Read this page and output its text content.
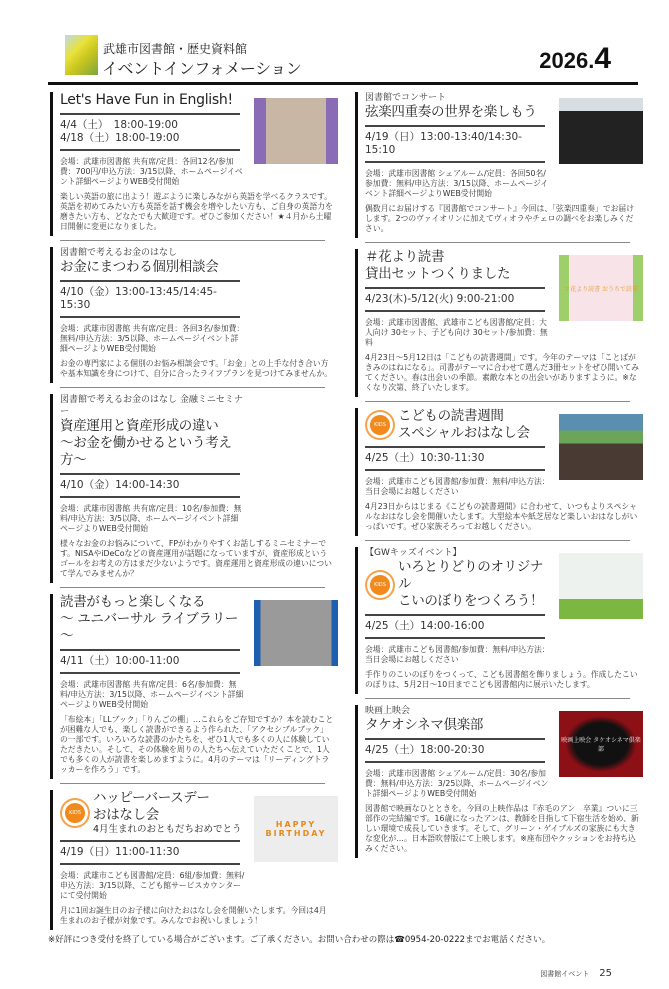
武雄市図書館・歴史資料館
イベントインフォメーション	2026.4
Let's Have Fun in English!
4/4（土）　18:00-19:00
4/18（土）18:00-19:00
会場：武雄市図書館 共有席/定員：各回12名/参加費：700円/申込方法：3/15以降、ホームページイベント詳細ページよりWEB受付開始
楽しい英語の旅に出よう！遊ぶように楽しみながら英語を学べるクラスです。英語を初めてみたい方も英語を話す機会を増やしたい方も、ご自身の英語力を磨きたい方も、どなたでも大歓迎です。ぜひご参加ください！★４月から土曜日開催に変更になりました。
図書館で考えるお金のはなし
お金にまつわる個別相談会
4/10（金）13:00-13:45/14:45-15:30
会場：武雄市図書館 共有席/定員：各回3名/参加費：無料/申込方法：3/5以降、ホームページイベント詳細ページよりWEB受付開始
お金の専門家による個別のお悩み相談会です。「お金」との上手な付き合い方や基本知識を身につけて、自分に合ったライフプランを見つけてみませんか。
図書館で考えるお金のはなし 金融ミニセミナー
資産運用と資産形成の違い
〜お金を働かせるという考え方〜
4/10（金）14:00-14:30
会場：武雄市図書館 共有席/定員：10名/参加費：無料/申込方法：3/5以降、ホームページイベント詳細ページよりWEB受付開始
様々なお金のお悩みについて、FPがわかりやすくお話しするミニセミナーです。NISAやiDeCoなどの資産運用が話題になっていますが、資産形成というゴールをお考えの方はまだ少ないようです。資産運用と資産形成の違いについて学んでみませんか？
読書がもっと楽しくなる
〜 ユニバーサル ライブラリー 〜
4/11（土）10:00-11:00
会場：武雄市図書館 共有席/定員：6名/参加費：無料/申込方法：3/15以降、ホームページイベント詳細ページよりWEB受付開始
「布絵本」「LLブック」「りんごの棚」…これらをご存知ですか？本を読むことが困難な人でも、楽しく読書ができるよう作られた、「アクセシブルブック」の一部です。いろいろな読書のかたちを、ぜひ1人でも多くの人に体験していただきたい。そして、その体験を周りの人たちへ伝えていただくことで、1人でも多くの人が読書を楽しめますように。4月のテーマは「リーディングトラッカーを作ろう」です。
KIDS
ハッピーバースデー
おはなし会
4月生まれのおともだちおめでとう
4/19（日）11:00-11:30
会場：武雄市こども図書館/定員：6組/参加費：無料/申込方法：3/15以降、こども館サービスカウンターにて受付開始
HAPPY BIRTHDAY
月に1回お誕生日のお子様に向けたおはなし会を開催いたします。今回は4月生まれのお子様が対象です。みんなでお祝いしましょう！
図書館でコンサート
弦楽四重奏の世界を楽しもう
4/19（日）13:00-13:40/14:30-15:10
会場：武雄市図書館 シェアルーム/定員：各回50名/参加費：無料/申込方法：3/15以降、ホームページイベント詳細ページよりWEB受付開始
偶数月にお届けする『図書館でコンサート』今回は、「弦楽四重奏」でお届けします。2つのヴァイオリンに加えてヴィオラやチェロの調べをお楽しみください。
＃花より読書
貸出セットつくりました
4/23(木)-5/12(火) 9:00-21:00
会場：武雄市図書館、武雄市こども図書館/定員：大人向け 30セット、子ども向け 30セット/参加費：無料
＃花より読書 おうちで読書
4月23日〜5月12日は「こどもの読書週間」です。今年のテーマは「ことばがきみのはねになる」。司書がテーマに合わせて選んだ3冊セットをぜひ開いてみてください。春は出会いの季節。素敵な本との出会いがありますように。※なくなり次第、終了いたします。
KIDS
こどもの読書週間
スペシャルおはなし会
4/25（土）10:30-11:30
会場：武雄市こども図書館/参加費：無料/申込方法：当日会場にお越しください
4月23日からはじまる《こどもの読書週間》に合わせて、いつもよりスペシャルなおはなし会を開催いたします。大型絵本や紙芝居など楽しいおはなしがいっぱいです。ぜひ家族そろってお越しください。
【GWキッズイベント】
KIDS
いろとりどりのオリジナル
こいのぼりをつくろう！
4/25（土）14:00-16:00
会場：武雄市こども図書館/参加費：無料/申込方法：当日会場にお越しください
手作りのこいのぼりをつくって、こども図書館を飾りましょう。作成したこいのぼりは、5月2日〜10日までこども図書館内に展示いたします。
映画上映会
タケオシネマ倶楽部
4/25（土）18:00-20:30
会場：武雄市図書館 シェアルーム/定員：30名/参加費：無料/申込方法：3/25以降、ホームページイベント詳細ページよりWEB受付開始
映画上映会 タケオシネマ倶楽部
図書館で映画なひとときを。今回の上映作品は『赤毛のアン　卒業』ついに三部作の完結編です。16歳になったアンは、教師を目指して下宿生活を始め、新しい環境で成長していきます。そして、グリーン・ゲイブルズの家族にも大きな変化が…。日本語吹替版にて上映します。※座布団やクッションをお持ち込みください。
※好評につき受付を終了している場合がございます。ご了承ください。お問い合わせの際は☎0954-20-0222までお電話ください。
図書館イベント 25
